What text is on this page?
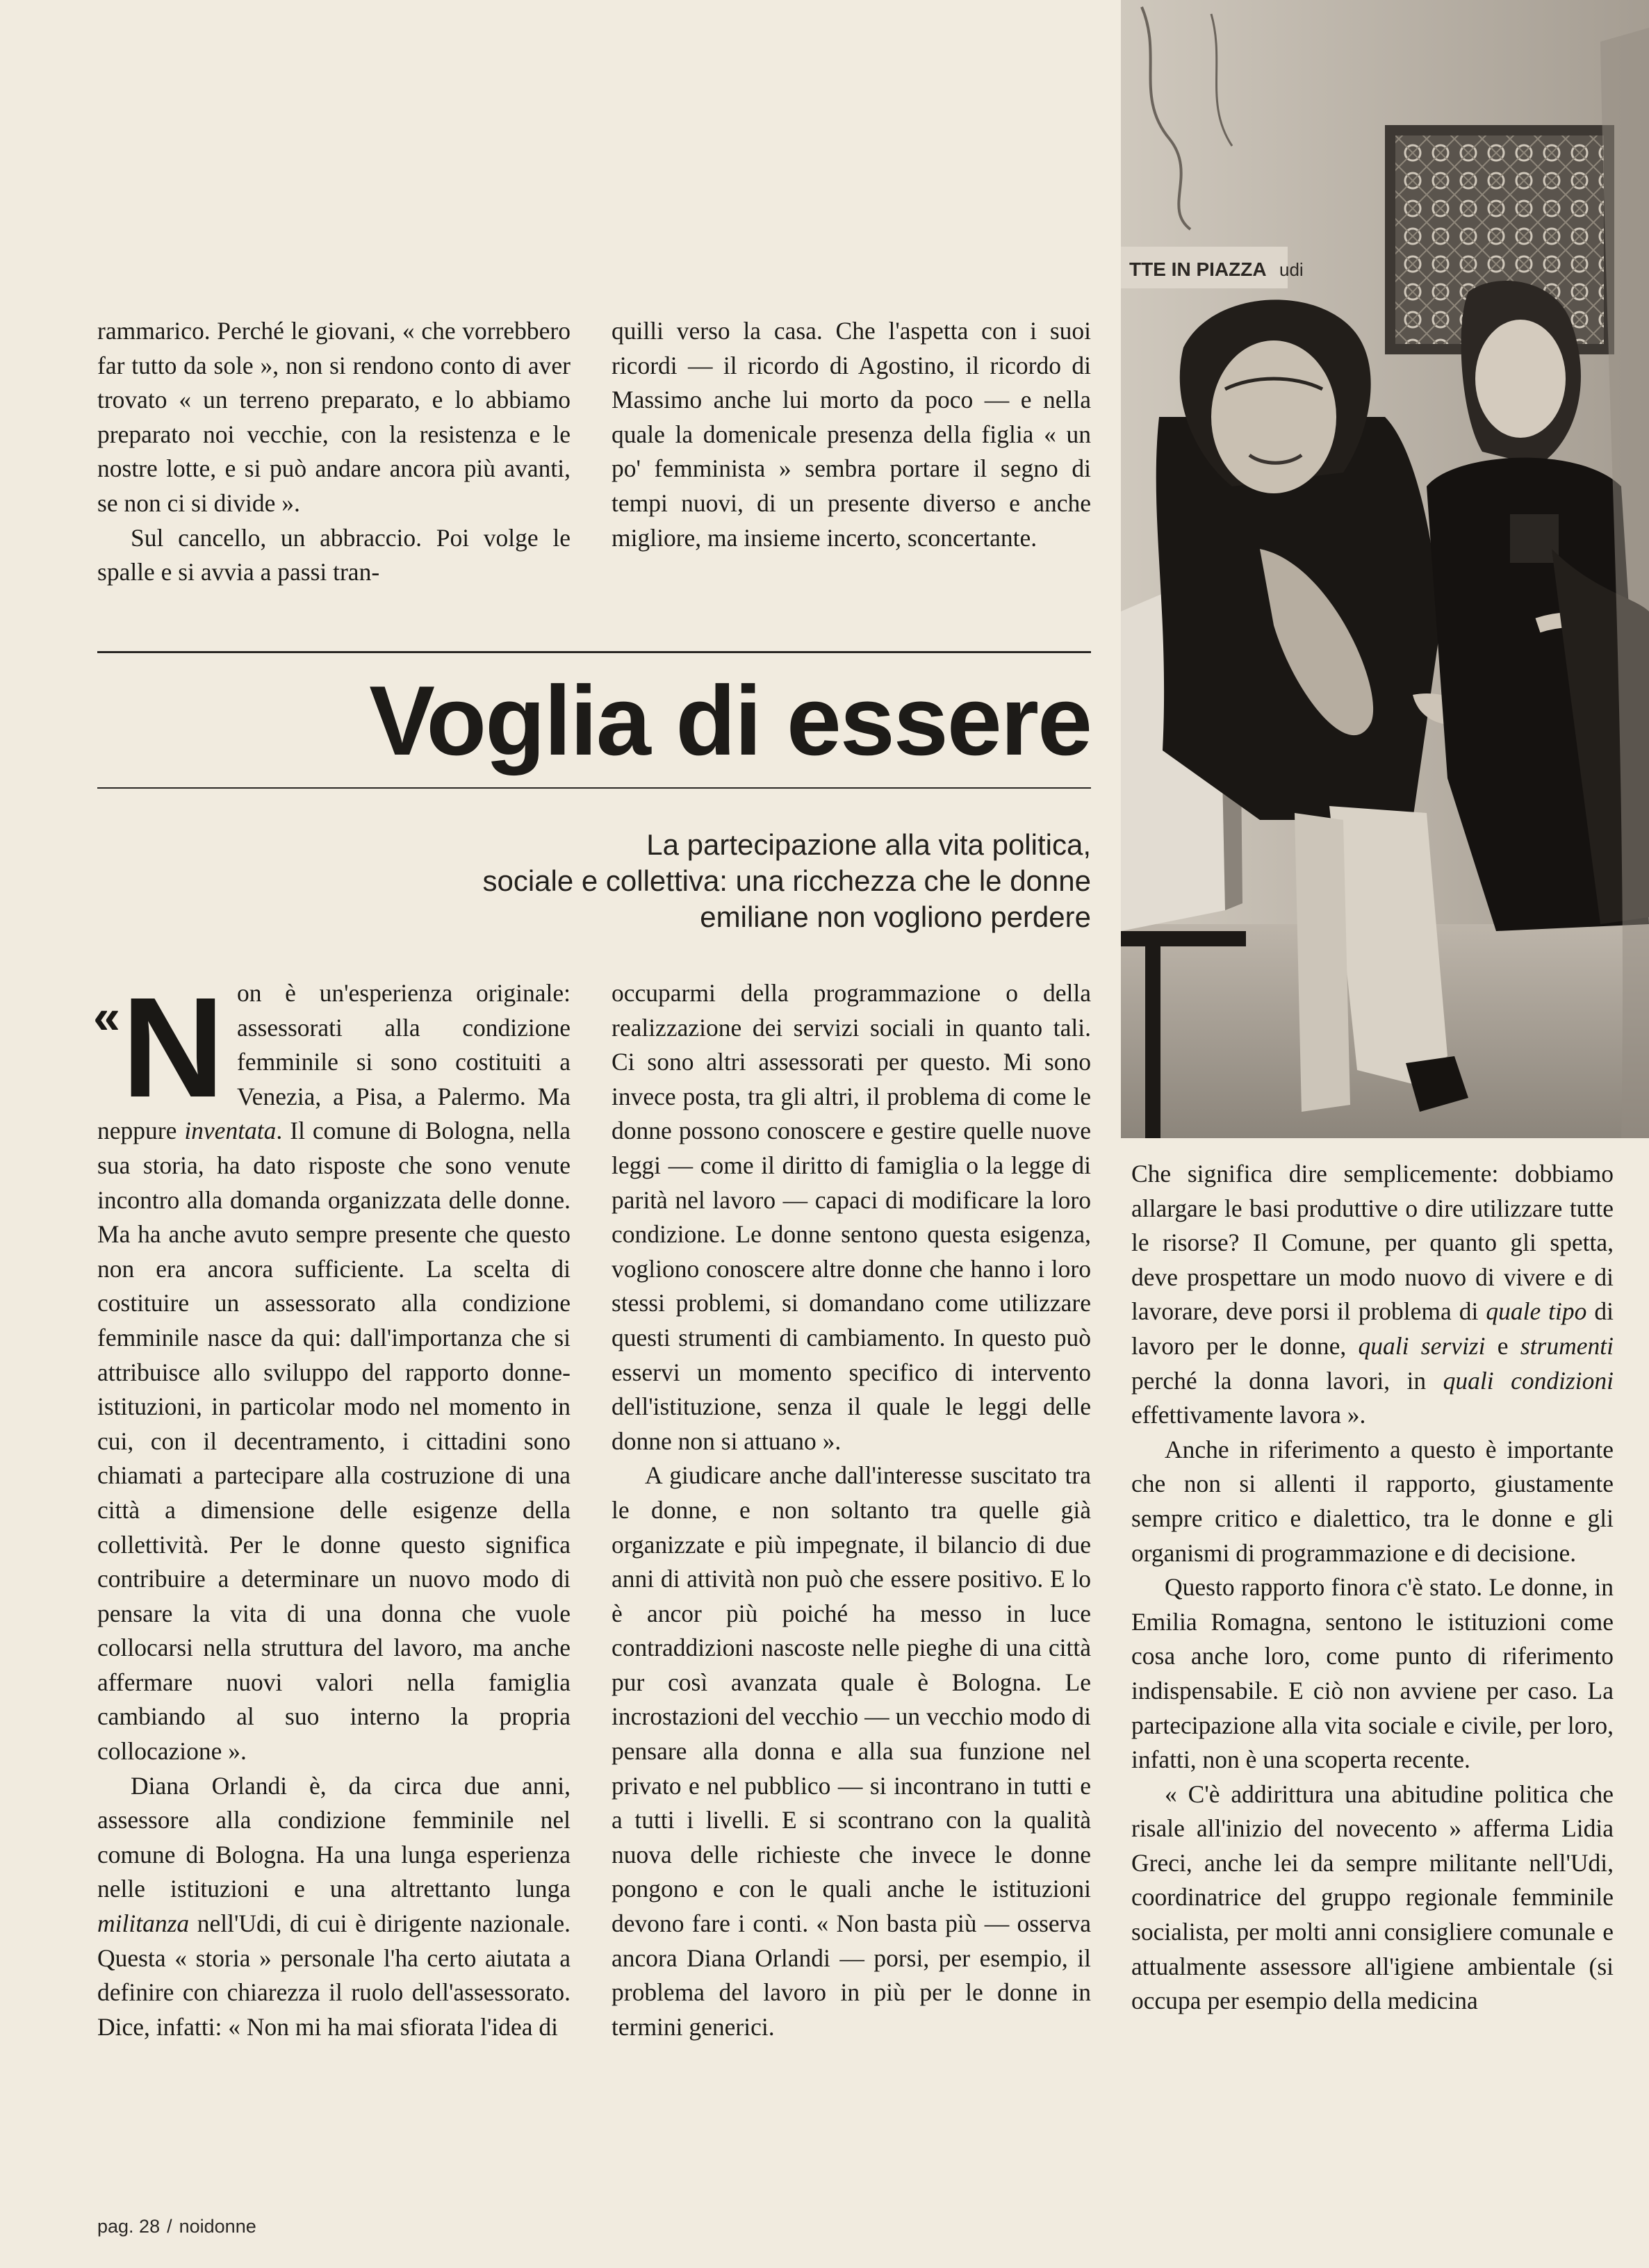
rammarico. Perché le giovani, « che vorrebbero far tutto da sole », non si rendono conto di aver trovato « un terreno preparato, e lo abbiamo preparato noi vecchie, con la resistenza e le nostre lotte, e si può andare ancora più avanti, se non ci si divide ».

Sul cancello, un abbraccio. Poi volge le spalle e si avvia a passi tran-

quilli verso la casa. Che l'aspetta con i suoi ricordi — il ricordo di Agostino, il ricordo di Massimo anche lui morto da poco — e nella quale la domenicale presenza della figlia « un po' femminista » sembra portare il segno di tempi nuovi, di un presente diverso e anche migliore, ma insieme incerto, sconcertante.

Voglia di essere
La partecipazione alla vita politica,
sociale e collettiva: una ricchezza che le donne
emiliane non vogliono perdere
«N on è un'esperienza originale: assessorati alla condizione femminile si sono costituiti a Venezia, a Pisa, a Palermo. Ma neppure inventata. Il comune di Bologna, nella sua storia, ha dato risposte che sono venute incontro alla domanda organizzata delle donne. Ma ha anche avuto sempre presente che questo non era ancora sufficiente. La scelta di costituire un assessorato alla condizione femminile nasce da qui: dall'importanza che si attribuisce allo sviluppo del rapporto donne-istituzioni, in particolar modo nel momento in cui, con il decentramento, i cittadini sono chiamati a partecipare alla costruzione di una città a dimensione delle esigenze della collettività. Per le donne questo significa contribuire a determinare un nuovo modo di pensare la vita di una donna che vuole collocarsi nella struttura del lavoro, ma anche affermare nuovi valori nella famiglia cambiando al suo interno la propria collocazione ».

Diana Orlandi è, da circa due anni, assessore alla condizione femminile nel comune di Bologna. Ha una lunga esperienza nelle istituzioni e una altrettanto lunga militanza nell'Udi, di cui è dirigente nazionale. Questa « storia » personale l'ha certo aiutata a definire con chiarezza il ruolo dell'assessorato. Dice, infatti: « Non mi ha mai sfiorata l'idea di

occuparmi della programmazione o della realizzazione dei servizi sociali in quanto tali. Ci sono altri assessorati per questo. Mi sono invece posta, tra gli altri, il problema di come le donne possono conoscere e gestire quelle nuove leggi — come il diritto di famiglia o la legge di parità nel lavoro — capaci di modificare la loro condizione. Le donne sentono questa esigenza, vogliono conoscere altre donne che hanno i loro stessi problemi, si domandano come utilizzare questi strumenti di cambiamento. In questo può esservi un momento specifico di intervento dell'istituzione, senza il quale le leggi delle donne non si attuano ».

A giudicare anche dall'interesse suscitato tra le donne, e non soltanto tra quelle già organizzate e più impegnate, il bilancio di due anni di attività non può che essere positivo. E lo è ancor più poiché ha messo in luce contraddizioni nascoste nelle pieghe di una città pur così avanzata quale è Bologna. Le incrostazioni del vecchio — un vecchio modo di pensare alla donna e alla sua funzione nel privato e nel pubblico — si incontrano in tutti e a tutti i livelli. E si scontrano con la qualità nuova delle richieste che invece le donne pongono e con le quali anche le istituzioni devono fare i conti. « Non basta più — osserva ancora Diana Orlandi — porsi, per esempio, il problema del lavoro in più per le donne in termini generici.

Che significa dire semplicemente: dobbiamo allargare le basi produttive o dire utilizzare tutte le risorse? Il Comune, per quanto gli spetta, deve prospettare un modo nuovo di vivere e di lavorare, deve porsi il problema di quale tipo di lavoro per le donne, quali servizi e strumenti perché la donna lavori, in quali condizioni effettivamente lavora ».

Anche in riferimento a questo è importante che non si allenti il rapporto, giustamente sempre critico e dialettico, tra le donne e gli organismi di programmazione e di decisione.

Questo rapporto finora c'è stato. Le donne, in Emilia Romagna, sentono le istituzioni come cosa anche loro, come punto di riferimento indispensabile. E ciò non avviene per caso. La partecipazione alla vita sociale e civile, per loro, infatti, non è una scoperta recente.

« C'è addirittura una abitudine politica che risale all'inizio del novecento » afferma Lidia Greci, anche lei da sempre militante nell'Udi, coordinatrice del gruppo regionale femminile socialista, per molti anni consigliere comunale e attualmente assessore all'igiene ambientale (si occupa per esempio della medicina

TTE IN PIAZZA udi
pag. 28 / noidonne
